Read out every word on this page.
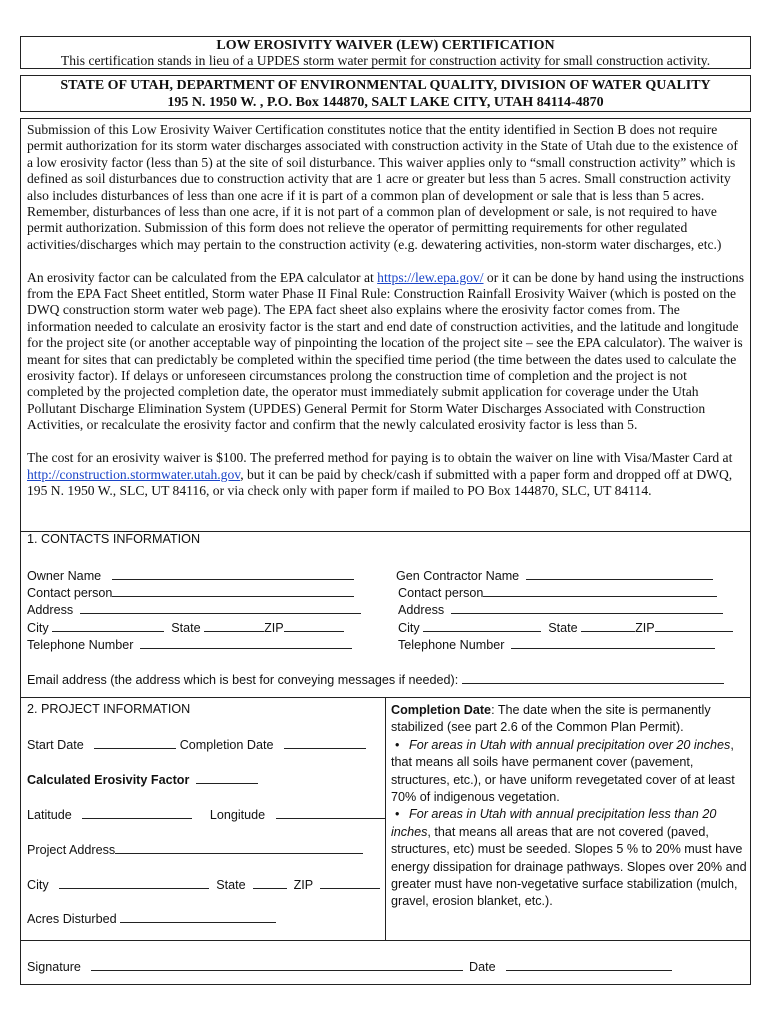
LOW EROSIVITY WAIVER (LEW) CERTIFICATION
This certification stands in lieu of a UPDES storm water permit for construction activity for small construction activity.
STATE OF UTAH, DEPARTMENT OF ENVIRONMENTAL QUALITY, DIVISION OF WATER QUALITY
195 N. 1950 W. , P.O. Box 144870, SALT LAKE CITY, UTAH 84114-4870

Submission of this Low Erosivity Waiver Certification constitutes notice that the entity identified in Section B does not require permit authorization for its storm water discharges associated with construction activity in the State of Utah due to the existence of a low erosivity factor (less than 5) at the site of soil disturbance. This waiver applies only to “small construction activity” which is defined as soil disturbances due to construction activity that are 1 acre or greater but less than 5 acres. Small construction activity also includes disturbances of less than one acre if it is part of a common plan of development or sale that is less than 5 acres. Remember, disturbances of less than one acre, if it is not part of a common plan of development or sale, is not required to have permit authorization. Submission of this form does not relieve the operator of permitting requirements for other regulated activities/discharges which may pertain to the construction activity (e.g. dewatering activities, non-storm water discharges, etc.)

An erosivity factor can be calculated from the EPA calculator at https://lew.epa.gov/ or it can be done by hand using the instructions from the EPA Fact Sheet entitled, Storm water Phase II Final Rule: Construction Rainfall Erosivity Waiver (which is posted on the DWQ construction storm water web page). The EPA fact sheet also explains where the erosivity factor comes from. The information needed to calculate an erosivity factor is the start and end date of construction activities, and the latitude and longitude for the project site (or another acceptable way of pinpointing the location of the project site – see the EPA calculator). The waiver is meant for sites that can predictably be completed within the specified time period (the time between the dates used to calculate the erosivity factor). If delays or unforeseen circumstances prolong the construction time of completion and the project is not completed by the projected completion date, the operator must immediately submit application for coverage under the Utah Pollutant Discharge Elimination System (UPDES) General Permit for Storm Water Discharges Associated with Construction Activities, or recalculate the erosivity factor and confirm that the newly calculated erosivity factor is less than 5.

The cost for an erosivity waiver is $100. The preferred method for paying is to obtain the waiver on line with Visa/Master Card at http://construction.stormwater.utah.gov, but it can be paid by check/cash if submitted with a paper form and dropped off at DWQ, 195 N. 1950 W., SLC, UT 84116, or via check only with paper form if mailed to PO Box 144870, SLC, UT 84114.

1. CONTACTS INFORMATION
Owner Name
Contact person
Address
City	State	ZIP
Telephone Number
Gen Contractor Name
Contact person
Address
City	State	ZIP
Telephone Number
Email address (the address which is best for conveying messages if needed):
2. PROJECT INFORMATION
Start Date	Completion Date
Calculated Erosivity Factor
Latitude	Longitude
Project Address
City	State	ZIP
Acres Disturbed

Completion Date: The date when the site is permanently stabilized (see part 2.6 of the Common Plan Permit).

• For areas in Utah with annual precipitation over 20 inches, that means all soils have permanent cover (pavement, structures, etc.), or have uniform revegetated cover of at least 70% of indigenous vegetation.

• For areas in Utah with annual precipitation less than 20 inches, that means all areas that are not covered (paved, structures, etc) must be seeded. Slopes 5 % to 20% must have energy dissipation for drainage pathways. Slopes over 20% and greater must have non-vegetative surface stabilization (mulch, gravel, erosion blanket, etc.).

Signature	Date
